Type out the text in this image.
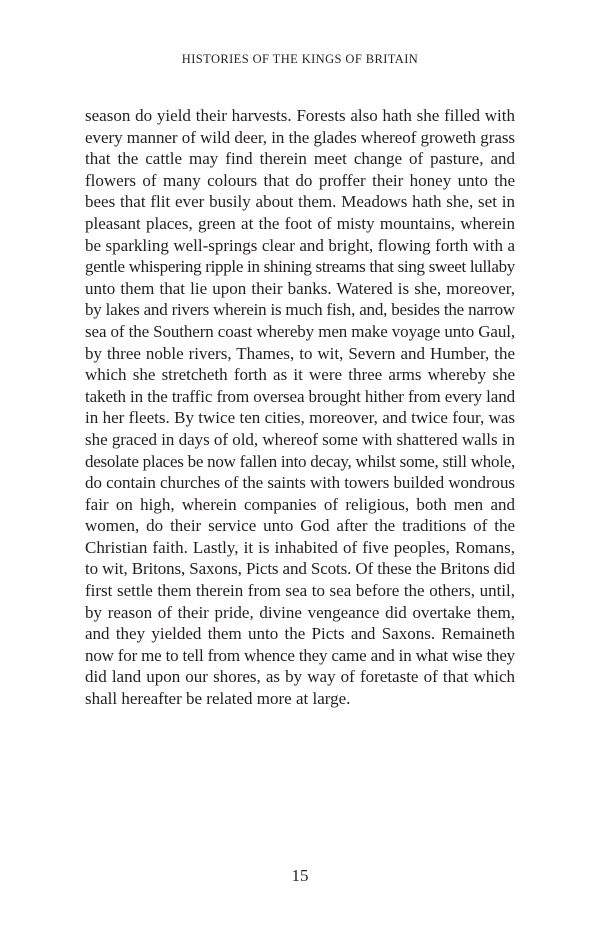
HISTORIES OF THE KINGS OF BRITAIN

season do yield their harvests. Forests also hath she filled with
every manner of wild deer, in the glades whereof groweth grass
that the cattle may find therein meet change of pasture, and
flowers of many colours that do proffer their honey unto the
bees that flit ever busily about them. Meadows hath she, set in
pleasant places, green at the foot of misty mountains, wherein
be sparkling well-springs clear and bright, flowing forth with a
gentle whispering ripple in shining streams that sing sweet lullaby
unto them that lie upon their banks. Watered is she, moreover,
by lakes and rivers wherein is much fish, and, besides the narrow
sea of the Southern coast whereby men make voyage unto Gaul,
by three noble rivers, Thames, to wit, Severn and Humber, the
which she stretcheth forth as it were three arms whereby she
taketh in the traffic from oversea brought hither from every land
in her fleets. By twice ten cities, moreover, and twice four, was
she graced in days of old, whereof some with shattered walls in
desolate places be now fallen into decay, whilst some, still whole,
do contain churches of the saints with towers builded wondrous
fair on high, wherein companies of religious, both men and
women, do their service unto God after the traditions of the
Christian faith. Lastly, it is inhabited of five peoples, Romans,
to wit, Britons, Saxons, Picts and Scots. Of these the Britons did
first settle them therein from sea to sea before the others, until,
by reason of their pride, divine vengeance did overtake them,
and they yielded them unto the Picts and Saxons. Remaineth
now for me to tell from whence they came and in what wise they
did land upon our shores, as by way of foretaste of that which
shall hereafter be related more at large.
15
